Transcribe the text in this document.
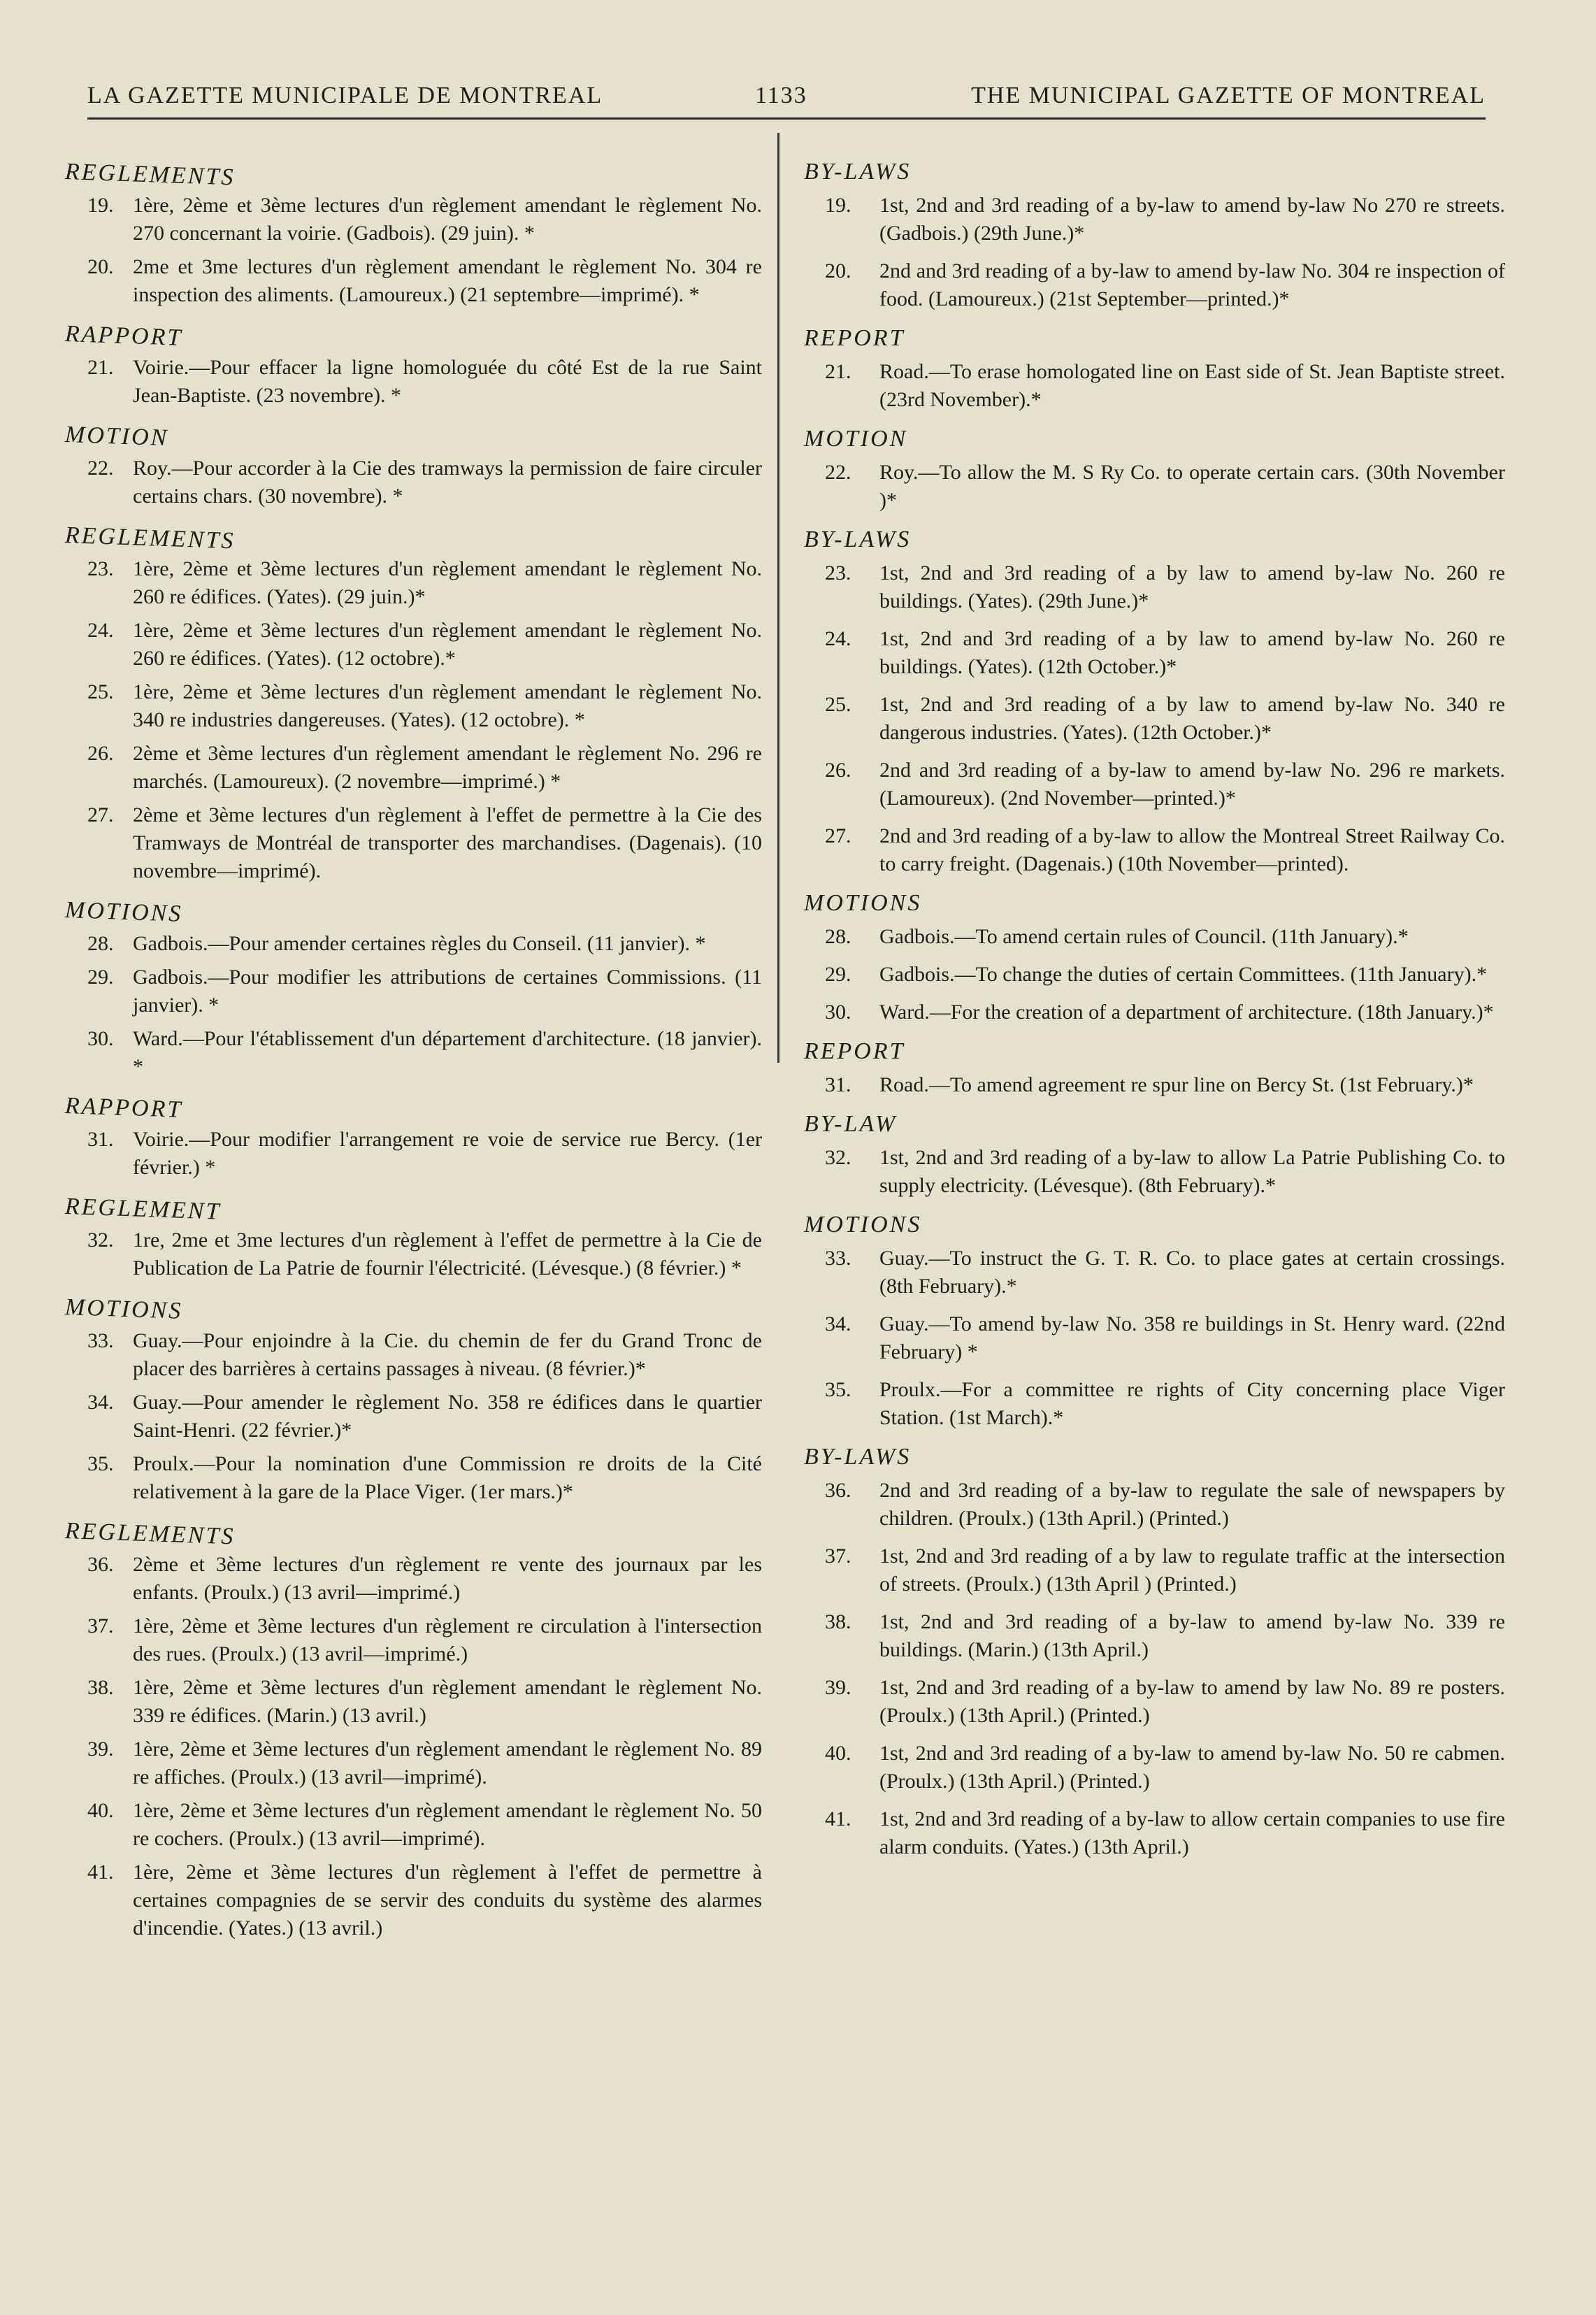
LA GAZETTE MUNICIPALE DE MONTREAL	1133	THE MUNICIPAL GAZETTE OF MONTREAL
REGLEMENTS
19. 1ère, 2ème et 3ème lectures d'un règlement amendant le règlement No. 270 concernant la voirie. (Gadbois). (29 juin). *
20. 2me et 3me lectures d'un règlement amendant le règlement No. 304 re inspection des aliments. (Lamoureux.) (21 septembre—imprimé). *
RAPPORT
21. Voirie.—Pour effacer la ligne homologuée du côté Est de la rue Saint Jean-Baptiste. (23 novembre). *
MOTION
22. Roy.—Pour accorder à la Cie des tramways la permission de faire circuler certains chars. (30 novembre). *
REGLEMENTS
23. 1ère, 2ème et 3ème lectures d'un règlement amendant le règlement No. 260 re édifices. (Yates). (29 juin.)*
24. 1ère, 2ème et 3ème lectures d'un règlement amendant le règlement No. 260 re édifices. (Yates). (12 octobre).*
25. 1ère, 2ème et 3ème lectures d'un règlement amendant le règlement No. 340 re industries dangereuses. (Yates). (12 octobre). *
26. 2ème et 3ème lectures d'un règlement amendant le règlement No. 296 re marchés. (Lamoureux). (2 novembre—imprimé.) *
27. 2ème et 3ème lectures d'un règlement à l'effet de permettre à la Cie des Tramways de Montréal de transporter des marchandises. (Dagenais). (10 novembre—imprimé).
MOTIONS
28. Gadbois.—Pour amender certaines règles du Conseil. (11 janvier). *
29. Gadbois.—Pour modifier les attributions de certaines Commissions. (11 janvier). *
30. Ward.—Pour l'établissement d'un département d'architecture. (18 janvier). *
RAPPORT
31. Voirie.—Pour modifier l'arrangement re voie de service rue Bercy. (1er février.) *
REGLEMENT
32. 1re, 2me et 3me lectures d'un règlement à l'effet de permettre à la Cie de Publication de La Patrie de fournir l'électricité. (Lévesque.) (8 février.) *
MOTIONS
33. Guay.—Pour enjoindre à la Cie. du chemin de fer du Grand Tronc de placer des barrières à certains passages à niveau. (8 février.)*
34. Guay.—Pour amender le règlement No. 358 re édifices dans le quartier Saint-Henri. (22 février.)*
35. Proulx.—Pour la nomination d'une Commission re droits de la Cité relativement à la gare de la Place Viger. (1er mars.)*
REGLEMENTS
36. 2ème et 3ème lectures d'un règlement re vente des journaux par les enfants. (Proulx.) (13 avril—imprimé.)
37. 1ère, 2ème et 3ème lectures d'un règlement re circulation à l'intersection des rues. (Proulx.) (13 avril—imprimé.)
38. 1ère, 2ème et 3ème lectures d'un règlement amendant le règlement No. 339 re édifices. (Marin.) (13 avril.)
39. 1ère, 2ème et 3ème lectures d'un règlement amendant le règlement No. 89 re affiches. (Proulx.) (13 avril—imprimé).
40. 1ère, 2ème et 3ème lectures d'un règlement amendant le règlement No. 50 re cochers. (Proulx.) (13 avril—imprimé).
41. 1ère, 2ème et 3ème lectures d'un règlement à l'effet de permettre à certaines compagnies de se servir des conduits du système des alarmes d'incendie. (Yates.) (13 avril.)
BY-LAWS
19. 1st, 2nd and 3rd reading of a by-law to amend by-law No 270 re streets. (Gadbois.) (29th June.)*
20. 2nd and 3rd reading of a by-law to amend by-law No. 304 re inspection of food. (Lamoureux.) (21st September—printed.)*
REPORT
21. Road.—To erase homologated line on East side of St. Jean Baptiste street. (23rd November).*
MOTION
22. Roy.—To allow the M. S Ry Co. to operate certain cars. (30th November )*
BY-LAWS
23. 1st, 2nd and 3rd reading of a by law to amend by-law No. 260 re buildings. (Yates). (29th June.)*
24. 1st, 2nd and 3rd reading of a by law to amend by-law No. 260 re buildings. (Yates). (12th October.)*
25. 1st, 2nd and 3rd reading of a by law to amend by-law No. 340 re dangerous industries. (Yates). (12th October.)*
26. 2nd and 3rd reading of a by-law to amend by-law No. 296 re markets. (Lamoureux). (2nd November—printed.)*
27. 2nd and 3rd reading of a by-law to allow the Montreal Street Railway Co. to carry freight. (Dagenais.) (10th November—printed).
MOTIONS
28. Gadbois.—To amend certain rules of Council. (11th January).*
29. Gadbois.—To change the duties of certain Committees. (11th January).*
30. Ward.—For the creation of a department of architecture. (18th January.)*
REPORT
31. Road.—To amend agreement re spur line on Bercy St. (1st February.)*
BY-LAW
32. 1st, 2nd and 3rd reading of a by-law to allow La Patrie Publishing Co. to supply electricity. (Lévesque). (8th February).*
MOTIONS
33. Guay.—To instruct the G. T. R. Co. to place gates at certain crossings. (8th February).*
34. Guay.—To amend by-law No. 358 re buildings in St. Henry ward. (22nd February) *
35. Proulx.—For a committee re rights of City concerning place Viger Station. (1st March).*
BY-LAWS
36. 2nd and 3rd reading of a by-law to regulate the sale of newspapers by children. (Proulx.) (13th April.) (Printed.)
37. 1st, 2nd and 3rd reading of a by law to regulate traffic at the intersection of streets. (Proulx.) (13th April ) (Printed.)
38. 1st, 2nd and 3rd reading of a by-law to amend by-law No. 339 re buildings. (Marin.) (13th April.)
39. 1st, 2nd and 3rd reading of a by-law to amend by law No. 89 re posters. (Proulx.) (13th April.) (Printed.)
40. 1st, 2nd and 3rd reading of a by-law to amend by-law No. 50 re cabmen. (Proulx.) (13th April.) (Printed.)
41. 1st, 2nd and 3rd reading of a by-law to allow certain companies to use fire alarm conduits. (Yates.) (13th April.)
